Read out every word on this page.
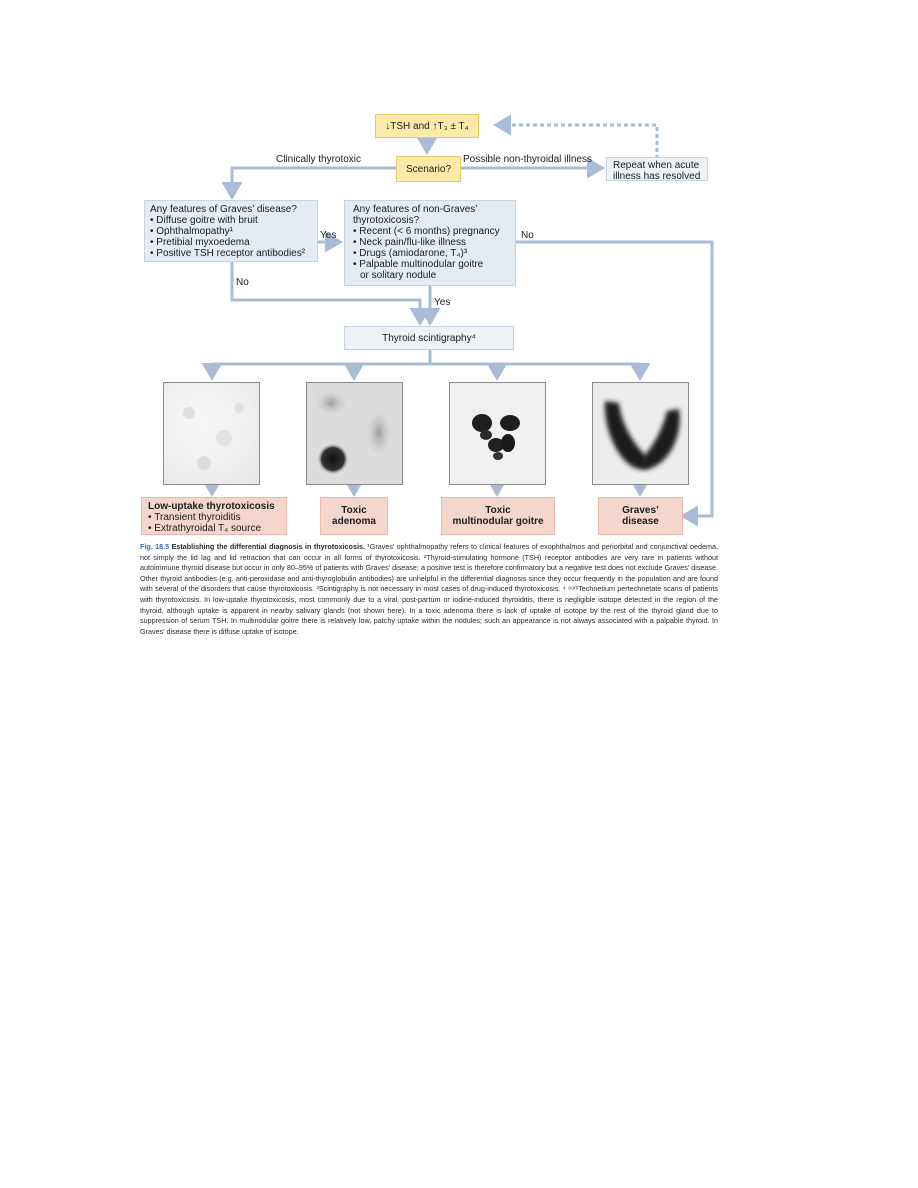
↓TSH and ↑T₃ ± T₄
Scenario?
Clinically thyrotoxic	Possible non-thyroidal illness
Repeat when acute
illness has resolved
Any features of Graves’ disease?
• Diffuse goitre with bruit
• Ophthalmopathy¹
• Pretibial myxoedema
• Positive TSH receptor antibodies²
Yes
No
No
Yes
Any features of non-Graves’
thyrotoxicosis?
• Recent (< 6 months) pregnancy
• Neck pain/flu-like illness
• Drugs (amiodarone, T₄)³
• Palpable multinodular goitre
or solitary nodule
Thyroid scintigraphy⁴
Low-uptake thyrotoxicosis
• Transient thyroiditis
• Extrathyroidal T₄ source
Toxic
adenoma
Toxic
multinodular goitre
Graves’
disease
Fig. 18.5 Establishing the differential diagnosis in thyrotoxicosis. ¹Graves’ ophthalmopathy refers to clinical features of exophthalmos and periorbital and conjunctival oedema, not simply the lid lag and lid retraction that can occur in all forms of thyrotoxicosis. ²Thyroid-stimulating hormone (TSH) receptor antibodies are very rare in patients without autoimmune thyroid disease but occur in only 80–95% of patients with Graves’ disease; a positive test is therefore confirmatory but a negative test does not exclude Graves’ disease. Other thyroid antibodies (e.g. anti-peroxidase and anti-thyroglobulin antibodies) are unhelpful in the differential diagnosis since they occur frequently in the population and are found with several of the disorders that cause thyrotoxicosis. ³Scintigraphy is not necessary in most cases of drug-induced thyrotoxicosis. ⁴ ⁹⁹ᵐTechnetium pertechnetate scans of patients with thyrotoxicosis. In low-uptake thyrotoxicosis, most commonly due to a viral, post-partum or iodine-induced thyroiditis, there is negligible isotope detected in the region of the thyroid, although uptake is apparent in nearby salivary glands (not shown here). In a toxic adenoma there is lack of uptake of isotope by the rest of the thyroid gland due to suppression of serum TSH. In multinodular goitre there is relatively low, patchy uptake within the nodules; such an appearance is not always associated with a palpable thyroid. In Graves’ disease there is diffuse uptake of isotope.
